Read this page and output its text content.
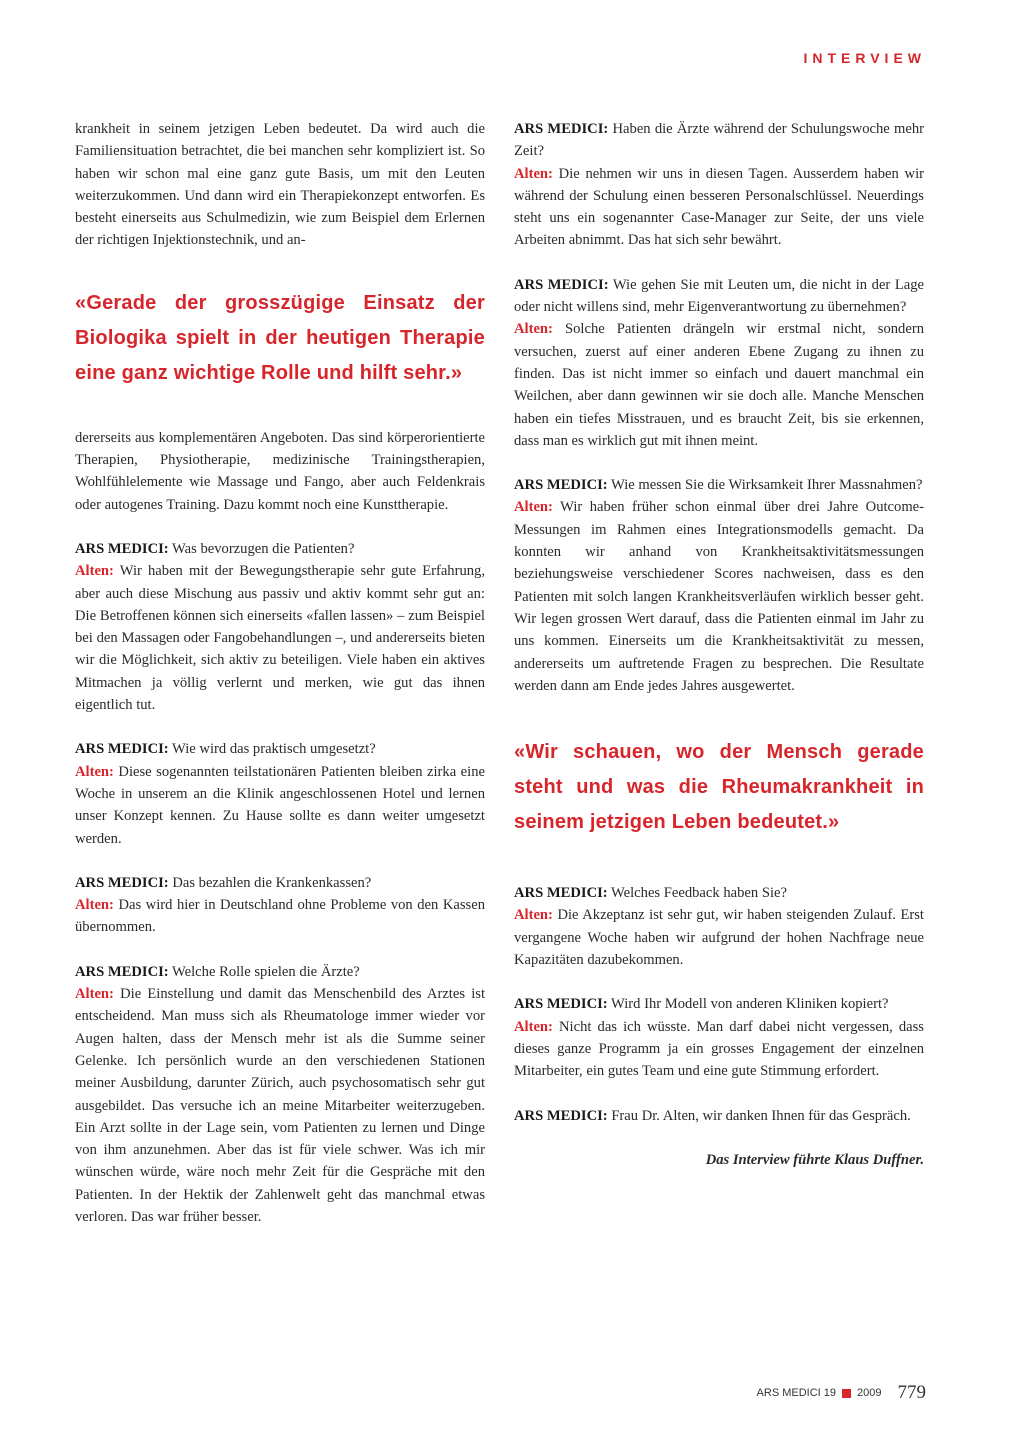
INTERVIEW

krankheit in seinem jetzigen Leben bedeutet. Da wird auch die Familiensituation betrachtet, die bei manchen sehr kompliziert ist. So haben wir schon mal eine ganz gute Basis, um mit den Leuten weiterzukommen. Und dann wird ein Therapiekonzept entworfen. Es besteht einerseits aus Schulmedizin, wie zum Beispiel dem Erlernen der richtigen Injektionstechnik, und an-

«Gerade der grosszügige Einsatz der Biologika spielt in der heutigen Therapie eine ganz wichtige Rolle und hilft sehr.»

dererseits aus komplementären Angeboten. Das sind körperorientierte Therapien, Physiotherapie, medizinische Trainingstherapien, Wohlfühlelemente wie Massage und Fango, aber auch Feldenkrais oder autogenes Training. Dazu kommt noch eine Kunsttherapie.

ARS MEDICI: Was bevorzugen die Patienten?

Alten: Wir haben mit der Bewegungstherapie sehr gute Erfahrung, aber auch diese Mischung aus passiv und aktiv kommt sehr gut an: Die Betroffenen können sich einerseits «fallen lassen» – zum Beispiel bei den Massagen oder Fangobehandlungen –, und andererseits bieten wir die Möglichkeit, sich aktiv zu beteiligen. Viele haben ein aktives Mitmachen ja völlig verlernt und merken, wie gut das ihnen eigentlich tut.

ARS MEDICI: Wie wird das praktisch umgesetzt?

Alten: Diese sogenannten teilstationären Patienten bleiben zirka eine Woche in unserem an die Klinik angeschlossenen Hotel und lernen unser Konzept kennen. Zu Hause sollte es dann weiter umgesetzt werden.

ARS MEDICI: Das bezahlen die Krankenkassen?

Alten: Das wird hier in Deutschland ohne Probleme von den Kassen übernommen.

ARS MEDICI: Welche Rolle spielen die Ärzte?

Alten: Die Einstellung und damit das Menschenbild des Arztes ist entscheidend. Man muss sich als Rheumatologe immer wieder vor Augen halten, dass der Mensch mehr ist als die Summe seiner Gelenke. Ich persönlich wurde an den verschiedenen Stationen meiner Ausbildung, darunter Zürich, auch psychosomatisch sehr gut ausgebildet. Das versuche ich an meine Mitarbeiter weiterzugeben. Ein Arzt sollte in der Lage sein, vom Patienten zu lernen und Dinge von ihm anzunehmen. Aber das ist für viele schwer. Was ich mir wünschen würde, wäre noch mehr Zeit für die Gespräche mit den Patienten. In der Hektik der Zahlenwelt geht das manchmal etwas verloren. Das war früher besser.

ARS MEDICI: Haben die Ärzte während der Schulungswoche mehr Zeit?

Alten: Die nehmen wir uns in diesen Tagen. Ausserdem haben wir während der Schulung einen besseren Personalschlüssel. Neuerdings steht uns ein sogenannter Case-Manager zur Seite, der uns viele Arbeiten abnimmt. Das hat sich sehr bewährt.

ARS MEDICI: Wie gehen Sie mit Leuten um, die nicht in der Lage oder nicht willens sind, mehr Eigenverantwortung zu übernehmen?

Alten: Solche Patienten drängeln wir erstmal nicht, sondern versuchen, zuerst auf einer anderen Ebene Zugang zu ihnen zu finden. Das ist nicht immer so einfach und dauert manchmal ein Weilchen, aber dann gewinnen wir sie doch alle. Manche Menschen haben ein tiefes Misstrauen, und es braucht Zeit, bis sie erkennen, dass man es wirklich gut mit ihnen meint.

ARS MEDICI: Wie messen Sie die Wirksamkeit Ihrer Massnahmen?

Alten: Wir haben früher schon einmal über drei Jahre Outcome-Messungen im Rahmen eines Integrationsmodells gemacht. Da konnten wir anhand von Krankheitsaktivitätsmessungen beziehungsweise verschiedener Scores nachweisen, dass es den Patienten mit solch langen Krankheitsverläufen wirklich besser geht. Wir legen grossen Wert darauf, dass die Patienten einmal im Jahr zu uns kommen. Einerseits um die Krankheitsaktivität zu messen, andererseits um auftretende Fragen zu besprechen. Die Resultate werden dann am Ende jedes Jahres ausgewertet.

«Wir schauen, wo der Mensch gerade steht und was die Rheumakrankheit in seinem jetzigen Leben bedeutet.»

ARS MEDICI: Welches Feedback haben Sie?

Alten: Die Akzeptanz ist sehr gut, wir haben steigenden Zulauf. Erst vergangene Woche haben wir aufgrund der hohen Nachfrage neue Kapazitäten dazubekommen.

ARS MEDICI: Wird Ihr Modell von anderen Kliniken kopiert?

Alten: Nicht das ich wüsste. Man darf dabei nicht vergessen, dass dieses ganze Programm ja ein grosses Engagement der einzelnen Mitarbeiter, ein gutes Team und eine gute Stimmung erfordert.

ARS MEDICI: Frau Dr. Alten, wir danken Ihnen für das Gespräch.

Das Interview führte Klaus Duffner.

ARS MEDICI 19 2009 779
